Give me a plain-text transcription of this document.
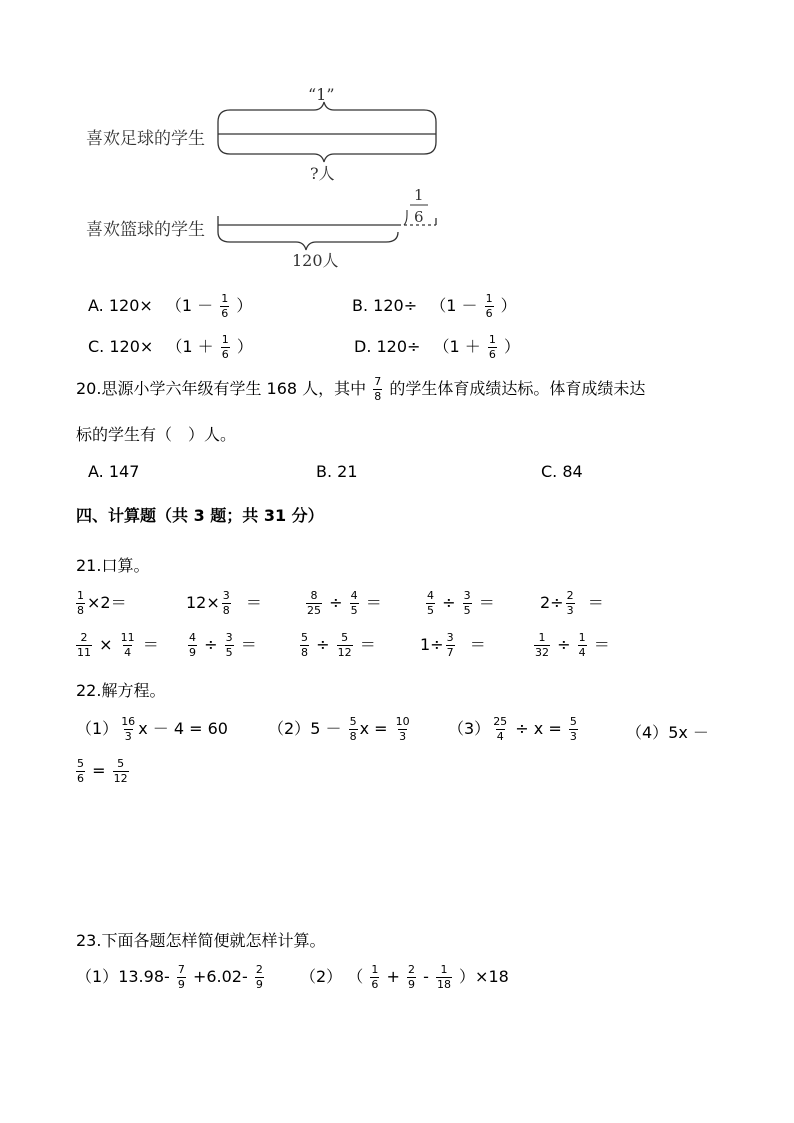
喜欢足球的学生
喜欢篮球的学生
“1”
?人
1
6
120人
A. $120\times (1 - \frac{1}{6}$ ）	B. $120\div (1 - \frac{1}{6}$ ）
C. $120\times (1 + \frac{1}{6}$ ）	D. $120\div (1 + \frac{1}{6}$ ）
20.思源小学六年级有学生 168 人，其中 $\frac{7}{8}$ 的学生体育成绩达标。体育成绩未达
标的学生有（　）人。
A. 147	B. 21	C. 84
四、计算题（共 3 题；共 31 分）
21.口算。
$\frac{1}{8} \times 2=$	$12\times \frac{3}{8}$ ＝	$\frac{8}{25} \div \frac{4}{5}$ ＝	$\frac{4}{5} \div \frac{3}{5}$ ＝	$2\div \frac{2}{3}$ ＝
$\frac{2}{11} \times \frac{11}{4}$ ＝	$\frac{4}{9} \div \frac{3}{5}$ ＝	$\frac{5}{8} \div \frac{5}{12}$ ＝	$1\div \frac{3}{7}$ ＝	$\frac{1}{32} \div \frac{1}{4}$ ＝
22.解方程。
$(1) \frac{16}{3}$ x － 4 = 60	$(2)5 - \frac{5}{8}$ $x = \frac{10}{3} (3) \frac{25}{4} \div x = \frac{5}{3}$	（4）5x －
$\frac{5}{6} = \frac{5}{12}$
23.下面各题怎样简便就怎样计算。
$(1)13.98- \frac{7}{9} +6.02- \frac{2}{9} (2)$ （ $\frac{1}{6} + \frac{2}{9} - \frac{1}{18} )\times 18$
